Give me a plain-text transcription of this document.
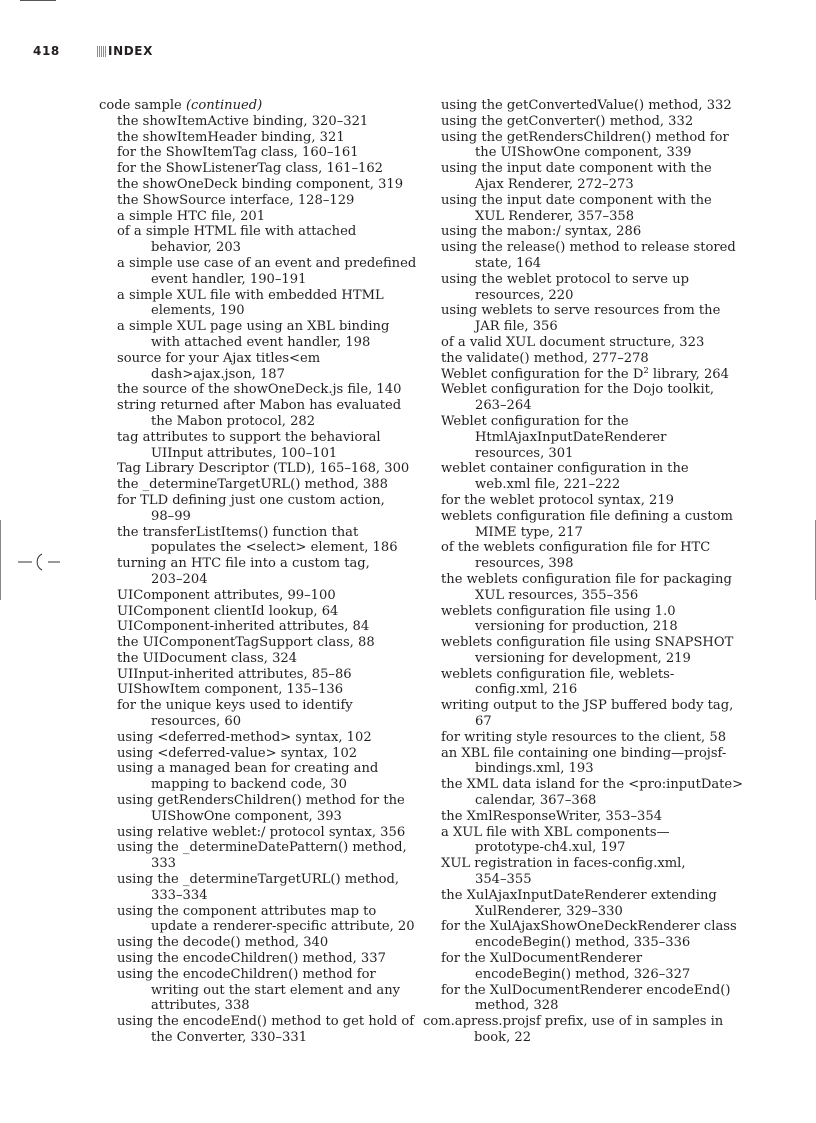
418	INDEX
code sample (continued)
the showItemActive binding, 320–321
the showItemHeader binding, 321
for the ShowItemTag class, 160–161
for the ShowListenerTag class, 161–162
the showOneDeck binding component, 319
the ShowSource interface, 128–129
a simple HTC file, 201
of a simple HTML file with attached
behavior, 203
a simple use case of an event and predefined
event handler, 190–191
a simple XUL file with embedded HTML
elements, 190
a simple XUL page using an XBL binding
with attached event handler, 198
source for your Ajax titles<em
dash>ajax.json, 187
the source of the showOneDeck.js file, 140
string returned after Mabon has evaluated
the Mabon protocol, 282
tag attributes to support the behavioral
UIInput attributes, 100–101
Tag Library Descriptor (TLD), 165–168, 300
the _determineTargetURL() method, 388
for TLD defining just one custom action,
98–99
the transferListItems() function that
populates the <select> element, 186
turning an HTC file into a custom tag,
203–204
UIComponent attributes, 99–100
UIComponent clientId lookup, 64
UIComponent-inherited attributes, 84
the UIComponentTagSupport class, 88
the UIDocument class, 324
UIInput-inherited attributes, 85–86
UIShowItem component, 135–136
for the unique keys used to identify
resources, 60
using <deferred-method> syntax, 102
using <deferred-value> syntax, 102
using a managed bean for creating and
mapping to backend code, 30
using getRendersChildren() method for the
UIShowOne component, 393
using relative weblet:/ protocol syntax, 356
using the _determineDatePattern() method,
333
using the _determineTargetURL() method,
333–334
using the component attributes map to
update a renderer-specific attribute, 20
using the decode() method, 340
using the encodeChildren() method, 337
using the encodeChildren() method for
writing out the start element and any
attributes, 338
using the encodeEnd() method to get hold of
the Converter, 330–331
using the getConvertedValue() method, 332
using the getConverter() method, 332
using the getRendersChildren() method for
the UIShowOne component, 339
using the input date component with the
Ajax Renderer, 272–273
using the input date component with the
XUL Renderer, 357–358
using the mabon:/ syntax, 286
using the release() method to release stored
state, 164
using the weblet protocol to serve up
resources, 220
using weblets to serve resources from the
JAR file, 356
of a valid XUL document structure, 323
the validate() method, 277–278
Weblet configuration for the $D^2$ library, 264
Weblet configuration for the Dojo toolkit,
263–264
Weblet configuration for the
HtmlAjaxInputDateRenderer
resources, 301
weblet container configuration in the
web.xml file, 221–222
for the weblet protocol syntax, 219
weblets configuration file defining a custom
MIME type, 217
of the weblets configuration file for HTC
resources, 398
the weblets configuration file for packaging
XUL resources, 355–356
weblets configuration file using 1.0
versioning for production, 218
weblets configuration file using SNAPSHOT
versioning for development, 219
weblets configuration file, weblets-
config.xml, 216
writing output to the JSP buffered body tag,
67
for writing style resources to the client, 58
an XBL file containing one binding—projsf-
bindings.xml, 193
the XML data island for the <pro:inputDate>
calendar, 367–368
the XmlResponseWriter, 353–354
a XUL file with XBL components—
prototype-ch4.xul, 197
XUL registration in faces-config.xml,
354–355
the XulAjaxInputDateRenderer extending
XulRenderer, 329–330
for the XulAjaxShowOneDeckRenderer class
encodeBegin() method, 335–336
for the XulDocumentRenderer
encodeBegin() method, 326–327
for the XulDocumentRenderer encodeEnd()
method, 328
com.apress.projsf prefix, use of in samples in
book, 22
